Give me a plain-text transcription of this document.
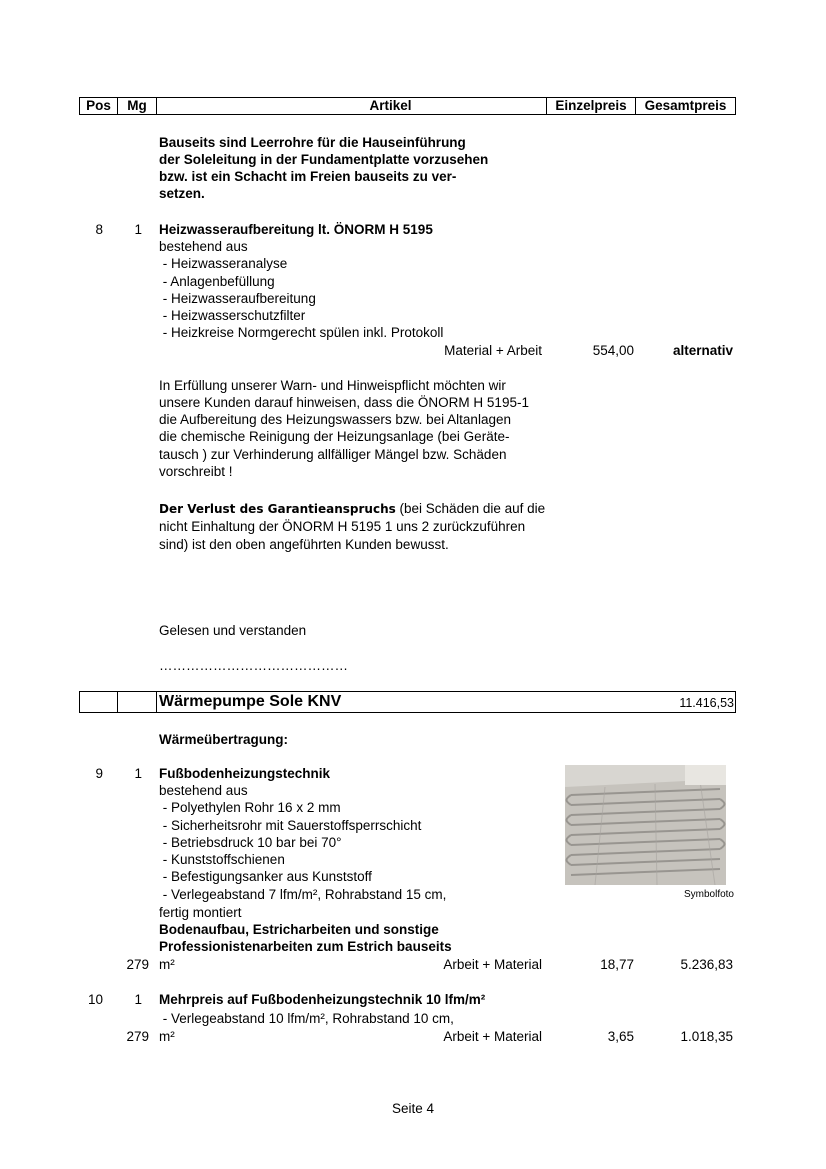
Pos	Mg	Artikel	Einzelpreis	Gesamtpreis
Bauseits sind Leerrohre für die Hauseinführung
der Soleleitung in der Fundamentplatte vorzusehen
bzw. ist ein Schacht im Freien bauseits zu ver-
setzen.
8	1 Heizwasseraufbereitung lt. ÖNORM H 5195
bestehend aus
- Heizwasseranalyse
- Anlagenbefüllung
- Heizwasseraufbereitung
- Heizwasserschutzfilter
- Heizkreise Normgerecht spülen inkl. Protokoll
Material + Arbeit	554,00	alternativ
In Erfüllung unserer Warn- und Hinweispflicht möchten wir
unsere Kunden darauf hinweisen, dass die ÖNORM H 5195-1
die Aufbereitung des Heizungswassers bzw. bei Altanlagen
die chemische Reinigung der Heizungsanlage (bei Geräte-
tausch ) zur Verhinderung allfälliger Mängel bzw. Schäden
vorschreibt !
Der Verlust des Garantieanspruchs (bei Schäden die auf die
nicht Einhaltung der ÖNORM H 5195 1 uns 2 zurückzuführen
sind) ist den oben angeführten Kunden bewusst.
Gelesen und verstanden
……………………………………
Wärmepumpe Sole KNV	11.416,53
Wärmeübertragung:
9	1 Fußbodenheizungstechnik
bestehend aus
- Polyethylen Rohr 16 x 2 mm
- Sicherheitsrohr mit Sauerstoffsperrschicht
- Betriebsdruck 10 bar bei 70°
- Kunststoffschienen
- Befestigungsanker aus Kunststoff
- Verlegeabstand 7 lfm/m², Rohrabstand 15 cm,
fertig montiert
Bodenaufbau, Estricharbeiten und sonstige
Professionistenarbeiten zum Estrich bauseits
279 m²	Arbeit + Material	18,77	5.236,83
Symbolfoto
10	1 Mehrpreis auf Fußbodenheizungstechnik 10 lfm/m²
- Verlegeabstand 10 lfm/m², Rohrabstand 10 cm,
279 m²	Arbeit + Material	3,65	1.018,35
Seite 4
